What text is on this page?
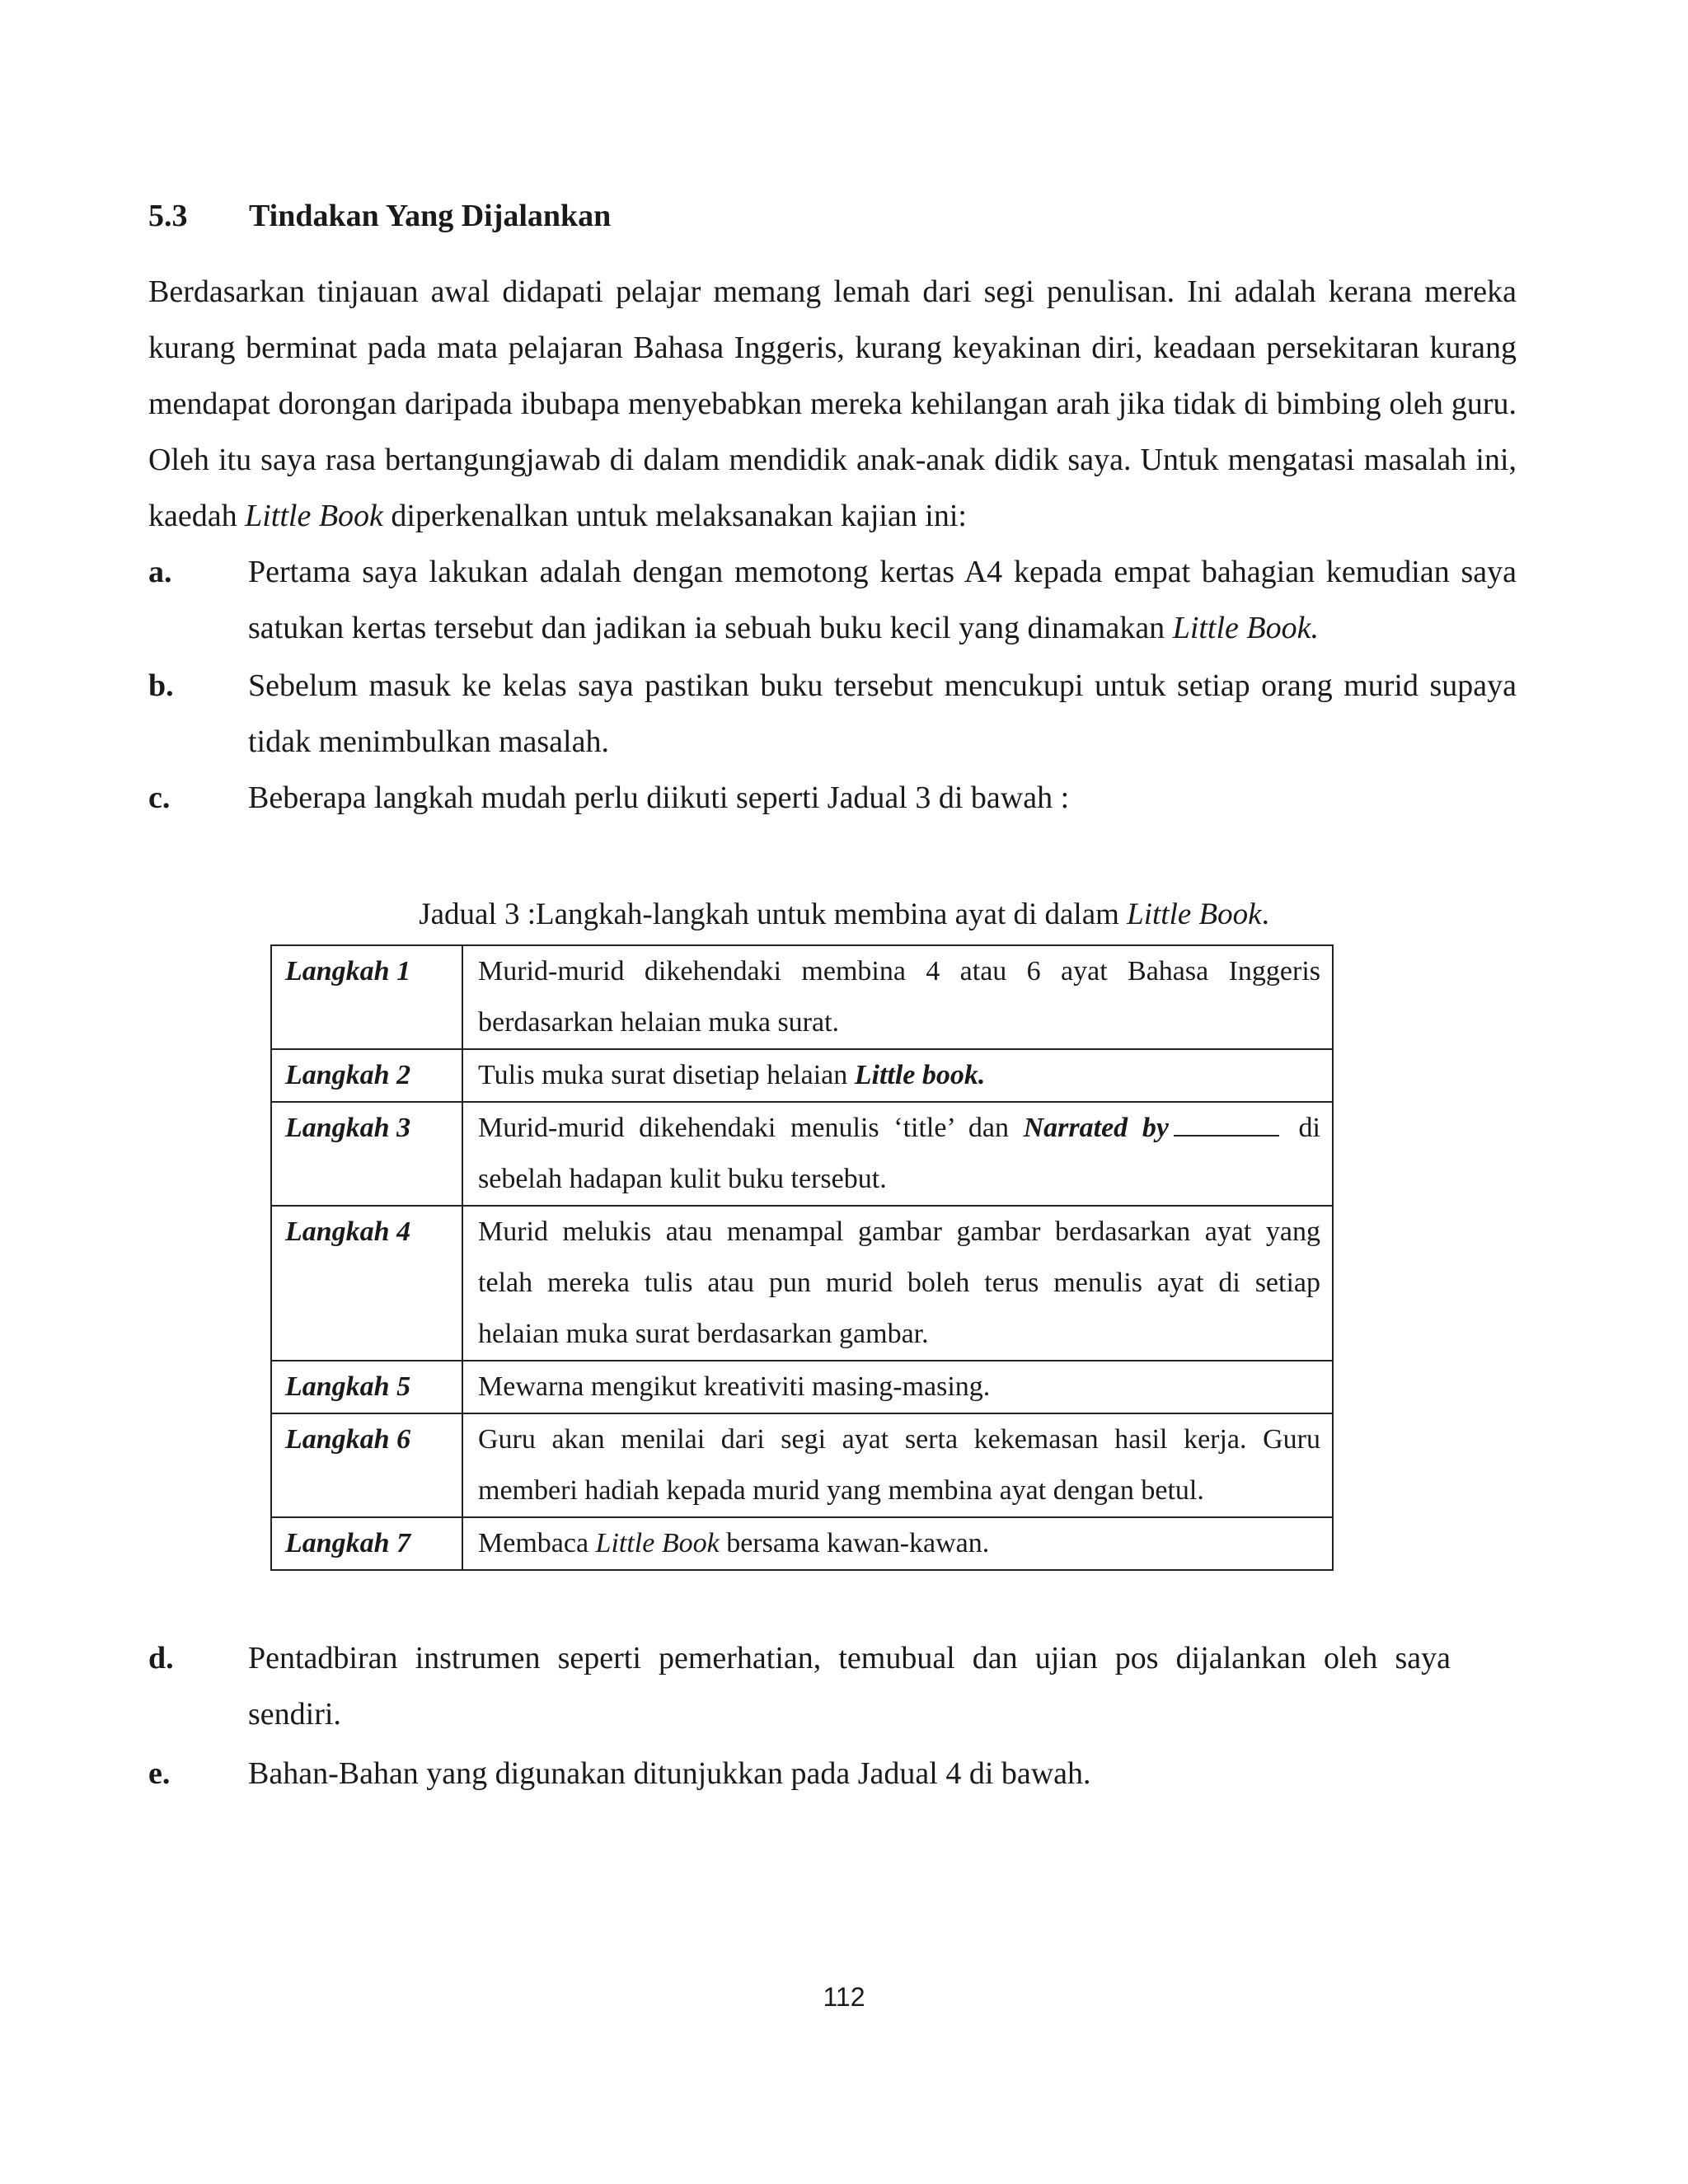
5.3 Tindakan Yang Dijalankan
Berdasarkan tinjauan awal didapati pelajar memang lemah dari segi penulisan. Ini adalah kerana mereka kurang berminat pada mata pelajaran Bahasa Inggeris, kurang keyakinan diri, keadaan persekitaran kurang mendapat dorongan daripada ibubapa menyebabkan mereka kehilangan arah jika tidak di bimbing oleh guru. Oleh itu saya rasa bertangungjawab di dalam mendidik anak-anak didik saya. Untuk mengatasi masalah ini, kaedah Little Book diperkenalkan untuk melaksanakan kajian ini:
a. Pertama saya lakukan adalah dengan memotong kertas A4 kepada empat bahagian kemudian saya satukan kertas tersebut dan jadikan ia sebuah buku kecil yang dinamakan Little Book.
b. Sebelum masuk ke kelas saya pastikan buku tersebut mencukupi untuk setiap orang murid supaya tidak menimbulkan masalah.
c. Beberapa langkah mudah perlu diikuti seperti Jadual 3 di bawah :
Jadual 3 :Langkah-langkah untuk membina ayat di dalam Little Book.
Langkah 1	Murid-murid dikehendaki membina 4 atau 6 ayat Bahasa Inggeris berdasarkan helaian muka surat.
Langkah 2	Tulis muka surat disetiap helaian Little book.
Langkah 3	Murid-murid dikehendaki menulis ‘title’ dan Narrated by di sebelah hadapan kulit buku tersebut.
Langkah 4	Murid melukis atau menampal gambar gambar berdasarkan ayat yang telah mereka tulis atau pun murid boleh terus menulis ayat di setiap helaian muka surat berdasarkan gambar.
Langkah 5	Mewarna mengikut kreativiti masing-masing.
Langkah 6	Guru akan menilai dari segi ayat serta kekemasan hasil kerja. Guru memberi hadiah kepada murid yang membina ayat dengan betul.
Langkah 7	Membaca Little Book bersama kawan-kawan.
d. Pentadbiran instrumen seperti pemerhatian, temubual dan ujian pos dijalankan oleh saya sendiri.
e. Bahan-Bahan yang digunakan ditunjukkan pada Jadual 4 di bawah.
112
